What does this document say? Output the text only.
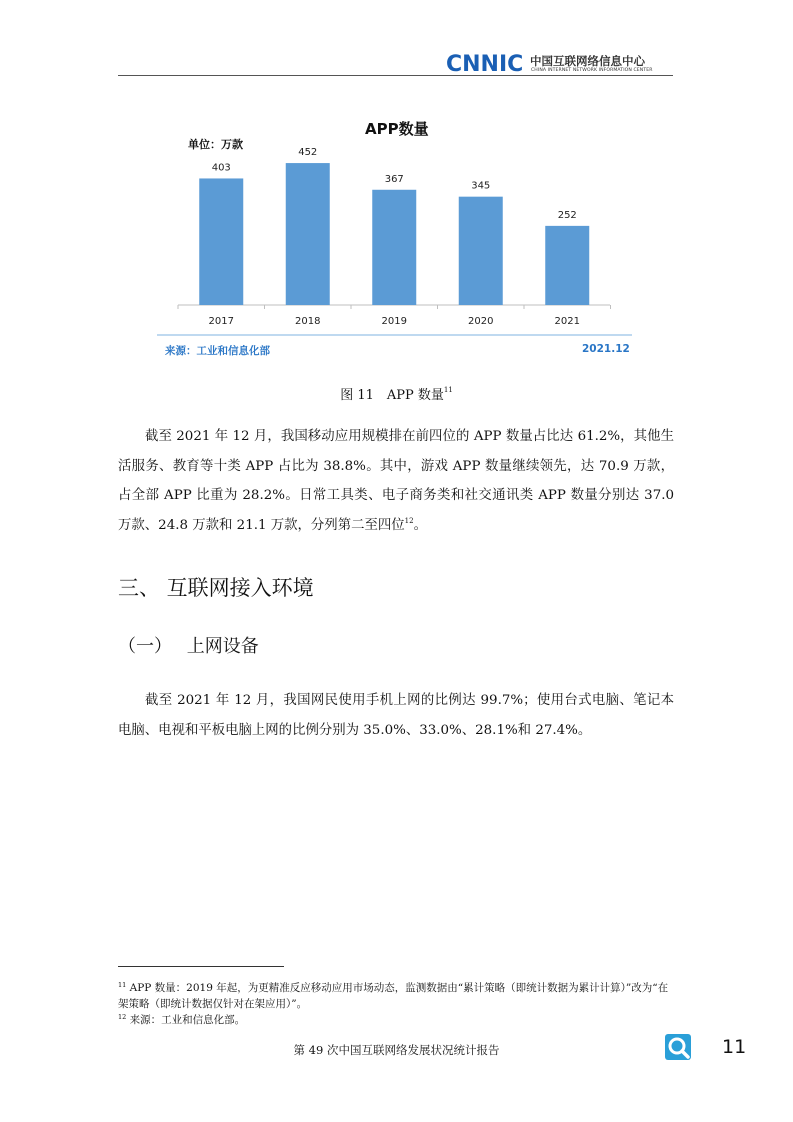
CNNIC 中国互联网络信息中心
CHINA INTERNET NETWORK INFORMATION CENTER
APP数量
单位：万款
403
2017
452
2018
367
2019
345
2020
252
2021
来源：工业和信息化部	2021.12
图 11　APP 数量$^{11}$
截至 2021 年 12 月，我国移动应用规模排在前四位的 APP 数量占比达 61.2%，其他生活服务、教育等十类 APP 占比为 38.8%。其中，游戏 APP 数量继续领先，达 70.9 万款，占全部 APP 比重为 28.2%。日常工具类、电子商务类和社交通讯类 APP 数量分别达 37.0 万款、24.8 万款和 21.1 万款，分列第二至四位$^{12}$。
三、 互联网接入环境
（一）　 上网设备
截至 2021 年 12 月，我国网民使用手机上网的比例达 99.7%；使用台式电脑、笔记本电脑、电视和平板电脑上网的比例分别为 35.0%、33.0%、28.1%和 27.4%。
$^{11}$ APP 数量：2019 年起，为更精准反应移动应用市场动态，监测数据由“累计策略（即统计数据为累计计算）”改为“在架策略（即统计数据仅针对在架应用）”。
$^{12}$ 来源：工业和信息化部。
第 49 次中国互联网络发展状况统计报告	11
